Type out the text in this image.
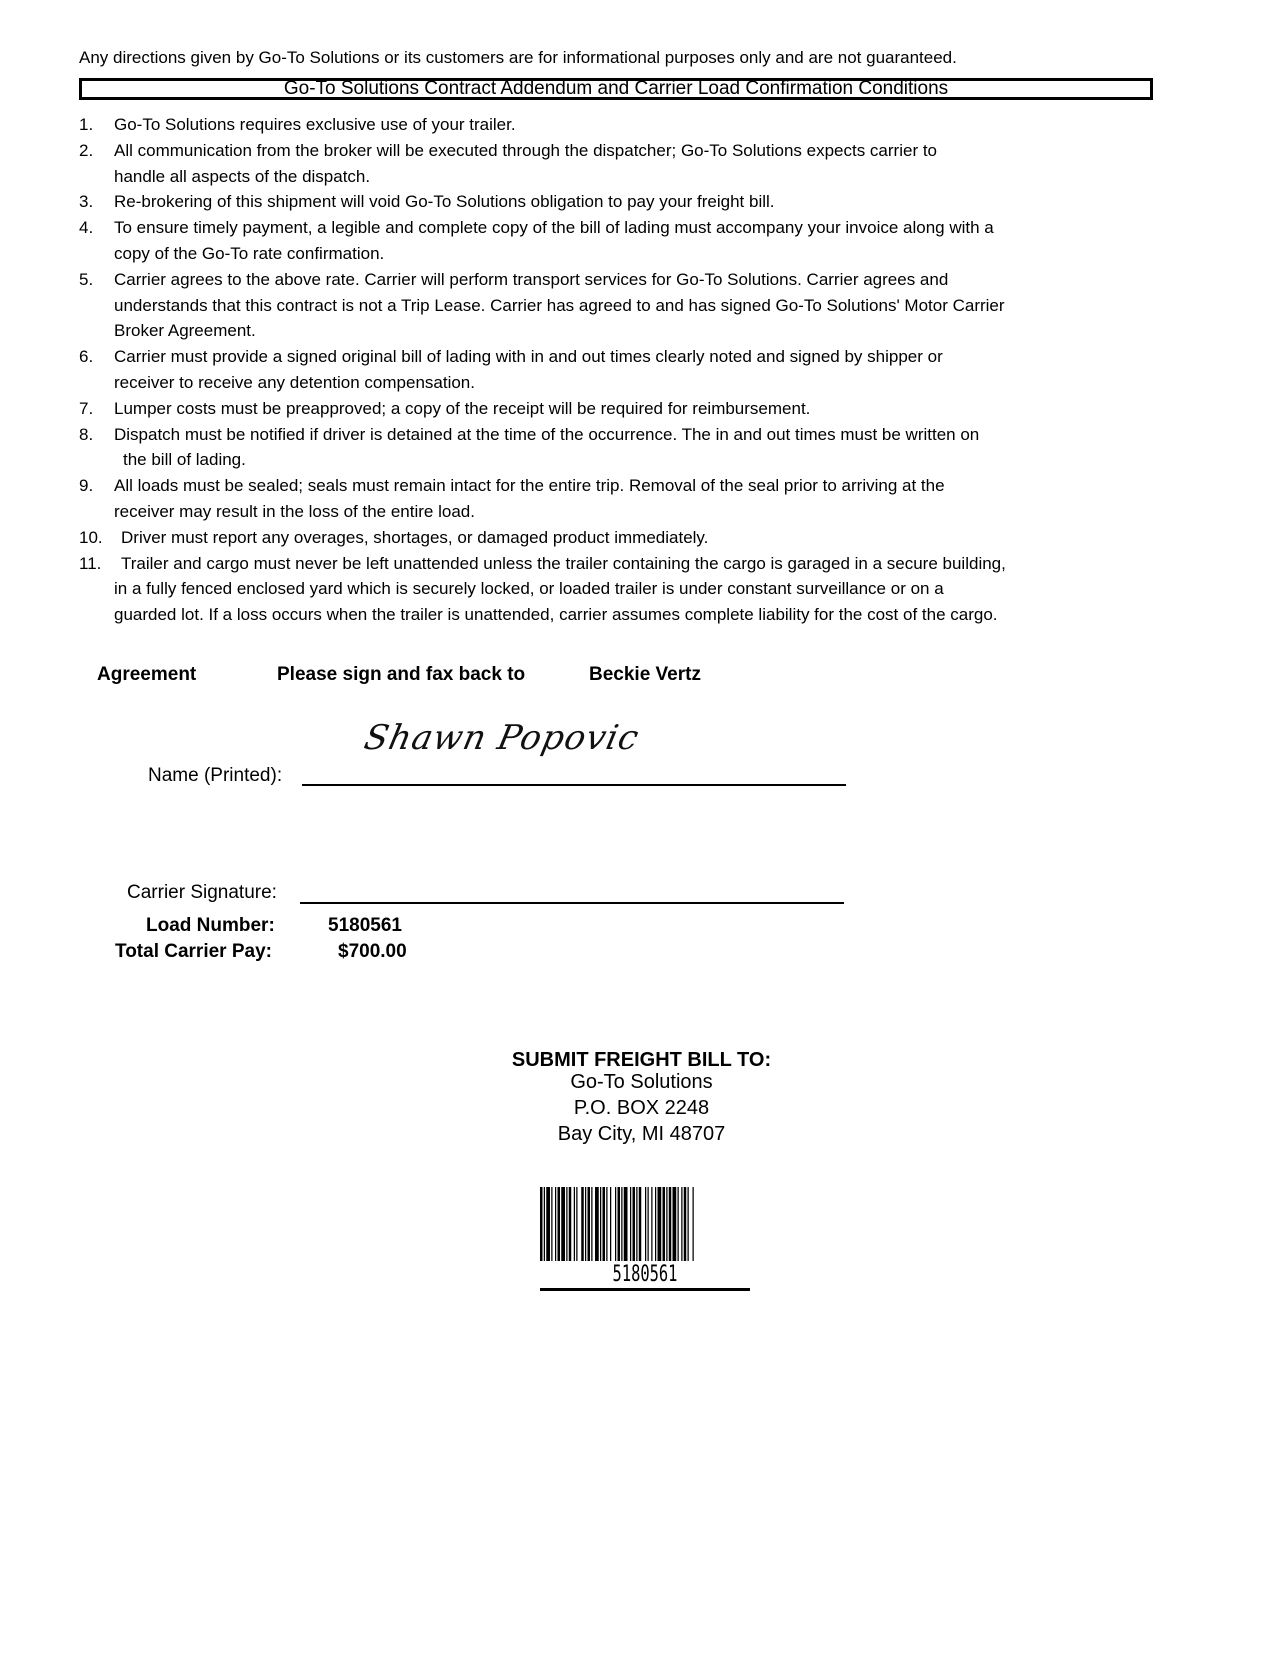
Any directions given by Go-To Solutions or its customers are for informational purposes only and are not guaranteed.
Go-To Solutions Contract Addendum and Carrier Load Confirmation Conditions
1.	Go-To Solutions requires exclusive use of your trailer.
2.	All communication from the broker will be executed through the dispatcher; Go-To Solutions expects carrier to
handle all aspects of the dispatch.
3.	Re-brokering of this shipment will void Go-To Solutions obligation to pay your freight bill.
4.	To ensure timely payment, a legible and complete copy of the bill of lading must accompany your invoice along with a
copy of the Go-To rate confirmation.
5.	Carrier agrees to the above rate. Carrier will perform transport services for Go-To Solutions. Carrier agrees and
understands that this contract is not a Trip Lease. Carrier has agreed to and has signed Go-To Solutions' Motor Carrier
Broker Agreement.
6.	Carrier must provide a signed original bill of lading with in and out times clearly noted and signed by shipper or
receiver to receive any detention compensation.
7.	Lumper costs must be preapproved; a copy of the receipt will be required for reimbursement.
8.	Dispatch must be notified if driver is detained at the time of the occurrence. The in and out times must be written on
the bill of lading.
9.	All loads must be sealed; seals must remain intact for the entire trip. Removal of the seal prior to arriving at the
receiver may result in the loss of the entire load.
10.	Driver must report any overages, shortages, or damaged product immediately.
11.	Trailer and cargo must never be left unattended unless the trailer containing the cargo is garaged in a secure building,
in a fully fenced enclosed yard which is securely locked, or loaded trailer is under constant surveillance or on a
guarded lot. If a loss occurs when the trailer is unattended, carrier assumes complete liability for the cost of the cargo.
Agreement	Please sign and fax back to	Beckie Vertz
Shawn Popovic
Name (Printed):
Carrier Signature:
Load Number:	5180561
Total Carrier Pay:	$700.00
SUBMIT FREIGHT BILL TO:
Go-To Solutions
P.O. BOX 2248
Bay City, MI 48707
5180561
